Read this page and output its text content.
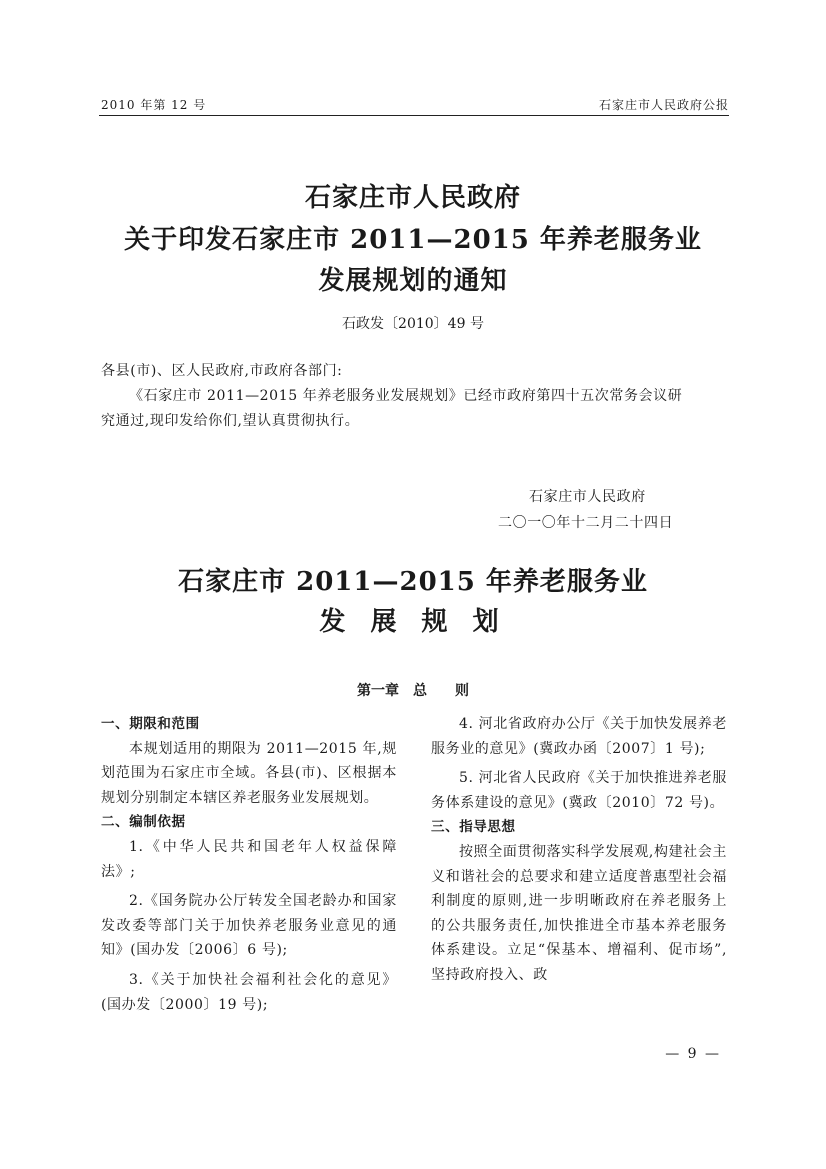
2010 年第 12 号	石家庄市人民政府公报
石家庄市人民政府
关于印发石家庄市 2011—2015 年养老服务业
发展规划的通知
石政发〔2010〕49 号
各县(市)、区人民政府,市政府各部门:
《石家庄市 2011—2015 年养老服务业发展规划》已经市政府第四十五次常务会议研
究通过,现印发给你们,望认真贯彻执行。
石家庄市人民政府
二〇一〇年十二月二十四日
石家庄市 2011—2015 年养老服务业
发 展 规 划
第一章　总　　则

一、期限和范围

本规划适用的期限为 2011—2015 年,规划范围为石家庄市全域。各县(市)、区根据本规划分别制定本辖区养老服务业发展规划。

二、编制依据

1.《中华人民共和国老年人权益保障法》;

2.《国务院办公厅转发全国老龄办和国家发改委等部门关于加快养老服务业意见的通知》(国办发〔2006〕6 号);

3.《关于加快社会福利社会化的意见》(国办发〔2000〕19 号);

4. 河北省政府办公厅《关于加快发展养老服务业的意见》(冀政办函〔2007〕1 号);

5. 河北省人民政府《关于加快推进养老服务体系建设的意见》(冀政〔2010〕72 号)。

三、指导思想

按照全面贯彻落实科学发展观,构建社会主义和谐社会的总要求和建立适度普惠型社会福利制度的原则,进一步明晰政府在养老服务上的公共服务责任,加快推进全市基本养老服务体系建设。立足“保基本、增福利、促市场”,坚持政府投入、政

— 9 —
